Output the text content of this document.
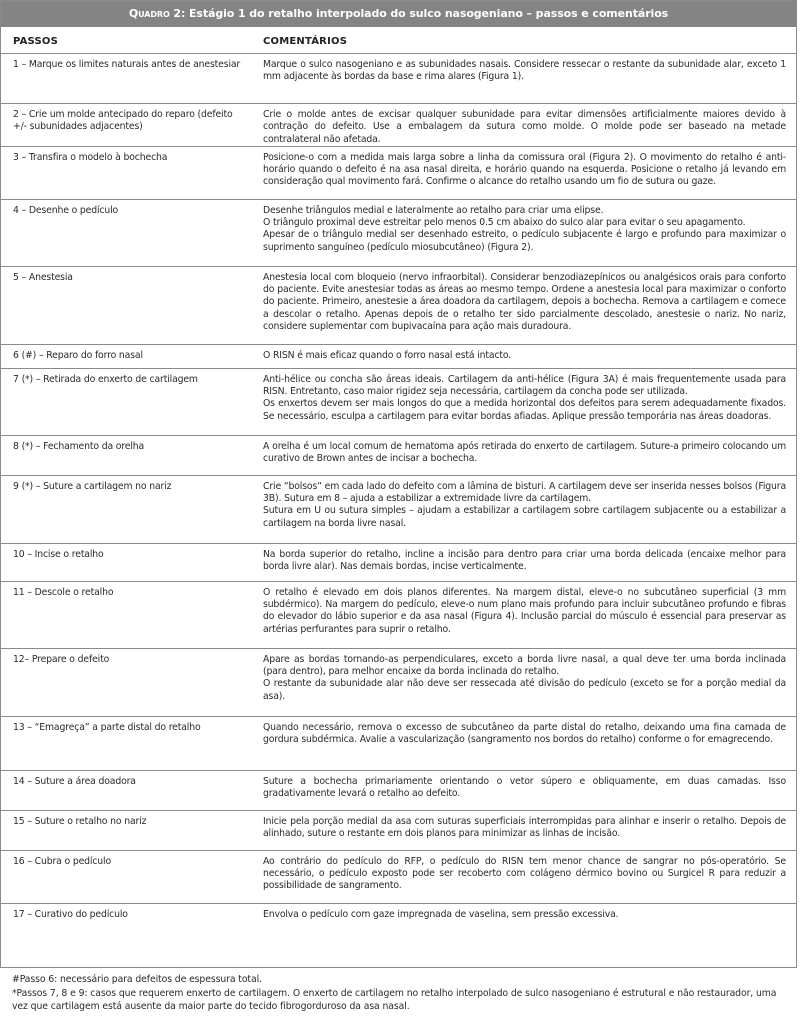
Quadro 2: Estágio 1 do retalho interpolado do sulco nasogeniano – passos e comentários
PASSOS	COMENTÁRIOS
1 – Marque os limites naturais antes de anestesiar	Marque o sulco nasogeniano e as subunidades nasais. Considere ressecar o restante da subunidade alar, exceto 1 mm adjacente às bordas da base e rima alares (Figura 1).

2 – Crie um molde antecipado do reparo (defeito +/- subunidades adjacentes)	Crie o molde antes de excisar qualquer subunidade para evitar dimensões artificialmente maiores devido à contração do defeito. Use a embalagem da sutura como molde. O molde pode ser baseado na metade contralateral não afetada.

3 – Transfira o modelo à bochecha	Posicione-o com a medida mais larga sobre a linha da comissura oral (Figura 2). O movimento do retalho é anti-horário quando o defeito é na asa nasal direita, e horário quando na esquerda. Posicione o retalho já levando em consideração qual movimento fará. Confirme o alcance do retalho usando um fio de sutura ou gaze.

4 – Desenhe o pedículo	Desenhe triângulos medial e lateralmente ao retalho para criar uma elipse.
O triângulo proximal deve estreitar pelo menos 0.5 cm abaixo do sulco alar para evitar o seu apagamento.
Apesar de o triângulo medial ser desenhado estreito, o pedículo subjacente é largo e profundo para maximizar o suprimento sanguíneo (pedículo miosubcutâneo) (Figura 2).

5 – Anestesia	Anestesia local com bloqueio (nervo infraorbital). Considerar benzodiazepínicos ou analgésicos orais para conforto do paciente. Evite anestesiar todas as áreas ao mesmo tempo. Ordene a anestesia local para maximizar o conforto do paciente. Primeiro, anestesie a área doadora da cartilagem, depois a bochecha. Remova a cartilagem e comece a descolar o retalho. Apenas depois de o retalho ter sido parcialmente descolado, anestesie o nariz. No nariz, considere suplementar com bupivacaína para ação mais duradoura.

6 (#) – Reparo do forro nasal	O RISN é mais eficaz quando o forro nasal está intacto.

7 (*) – Retirada do enxerto de cartilagem	Anti-hélice ou concha são áreas ideais. Cartilagem da anti-hélice (Figura 3A) é mais frequentemente usada para RISN. Entretanto, caso maior rigidez seja necessária, cartilagem da concha pode ser utilizada.
Os enxertos devem ser mais longos do que a medida horizontal dos defeitos para serem adequadamente fixados. Se necessário, esculpa a cartilagem para evitar bordas afiadas. Aplique pressão temporária nas áreas doadoras.

8 (*) – Fechamento da orelha	A orelha é um local comum de hematoma após retirada do enxerto de cartilagem. Suture-a primeiro colocando um curativo de Brown antes de incisar a bochecha.

9 (*) – Suture a cartilagem no nariz	Crie “bolsos” em cada lado do defeito com a lâmina de bisturi. A cartilagem deve ser inserida nesses bolsos (Figura 3B). Sutura em 8 – ajuda a estabilizar a extremidade livre da cartilagem.
Sutura em U ou sutura simples – ajudam a estabilizar a cartilagem sobre cartilagem subjacente ou a estabilizar a cartilagem na borda livre nasal.

10 – Incise o retalho	Na borda superior do retalho, incline a incisão para dentro para criar uma borda delicada (encaixe melhor para borda livre alar). Nas demais bordas, incise verticalmente.

11 – Descole o retalho	O retalho é elevado em dois planos diferentes. Na margem distal, eleve-o no subcutâneo superficial (3 mm subdérmico). Na margem do pedículo, eleve-o num plano mais profundo para incluir subcutâneo profundo e fibras do elevador do lábio superior e da asa nasal (Figura 4). Inclusão parcial do músculo é essencial para preservar as artérias perfurantes para suprir o retalho.

12– Prepare o defeito	Apare as bordas tornando-as perpendiculares, exceto a borda livre nasal, a qual deve ter uma borda inclinada (para dentro), para melhor encaixe da borda inclinada do retalho.
O restante da subunidade alar não deve ser ressecada até divisão do pedículo (exceto se for a porção medial da asa).

13 – “Emagreça” a parte distal do retalho	Quando necessário, remova o excesso de subcutâneo da parte distal do retalho, deixando uma fina camada de gordura subdérmica. Avalie a vascularização (sangramento nos bordos do retalho) conforme o for emagrecendo.

14 – Suture a área doadora	Suture a bochecha primariamente orientando o vetor súpero e obliquamente, em duas camadas. Isso gradativamente levará o retalho ao defeito.

15 – Suture o retalho no nariz	Inicie pela porção medial da asa com suturas superficiais interrompidas para alinhar e inserir o retalho. Depois de alinhado, suture o restante em dois planos para minimizar as linhas de incisão.

16 – Cubra o pedículo	Ao contrário do pedículo do RFP, o pedículo do RISN tem menor chance de sangrar no pós-operatório. Se necessário, o pedículo exposto pode ser recoberto com colágeno dérmico bovino ou Surgicel R para reduzir a possibilidade de sangramento.

17 – Curativo do pedículo	Envolva o pedículo com gaze impregnada de vaselina, sem pressão excessiva.
#Passo 6: necessário para defeitos de espessura total.
*Passos 7, 8 e 9: casos que requerem enxerto de cartilagem. O enxerto de cartilagem no retalho interpolado de sulco nasogeniano é estrutural e não restaurador, uma vez que cartilagem está ausente da maior parte do tecido fibrogorduroso da asa nasal.
